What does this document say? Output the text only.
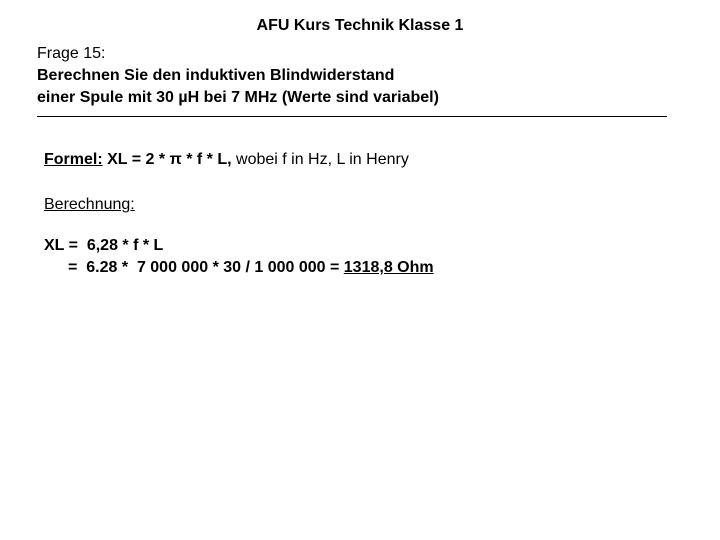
AFU Kurs Technik Klasse 1
Frage 15:
Berechnen Sie den induktiven Blindwiderstand
einer Spule mit 30 µH bei 7 MHz (Werte sind variabel)
Formel: XL = 2 * π * f * L, wobei f in Hz, L in Henry
Berechnung:
XL =  6,28 * f * L
=  6.28 *  7 000 000 * 30 / 1 000 000 = 1318,8 Ohm
